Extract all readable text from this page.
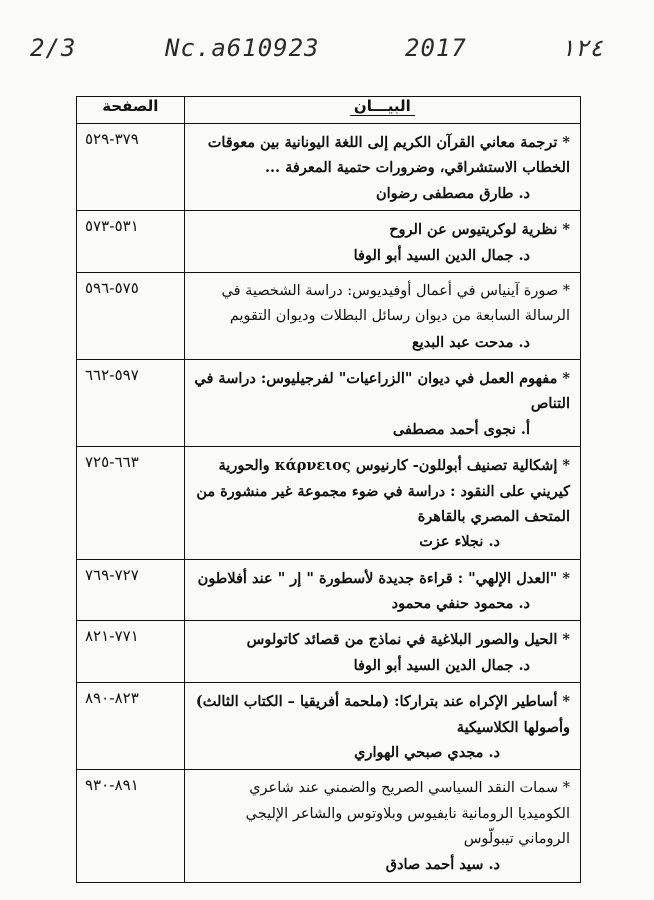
2/3	Nc.a610923	2017	١٢٤
البيـــان	الصفحة

* ترجمة معاني القرآن الكريم إلى اللغة اليونانية بين معوقات الخطاب الاستشراقي، وضرورات حتمية المعرفة ...
د. طارق مصطفى رضوان	٣٧٩-٥٢٩

* نظرية لوكريتيوس عن الروح
د. جمال الدين السيد أبو الوفا	٥٣١-٥٧٣

* صورة آينياس في أعمال أوفيديوس: دراسة الشخصية في الرسالة السابعة من ديوان رسائل البطلات وديوان التقويم
د. مدحت عبد البديع	٥٧٥-٥٩٦

* مفهوم العمل في ديوان "الزراعيات" لفرجيليوس: دراسة في التناص
أ. نجوى أحمد مصطفى	٥٩٧-٦٦٢

* إشكالية تصنيف أبوللون- كارنيوس κάρνειος والحورية كيريني على النقود : دراسة في ضوء مجموعة غير منشورة من المتحف المصري بالقاهرة
د. نجلاء عزت	٦٦٣-٧٢٥

* "العدل الإلهي" : قراءة جديدة لأسطورة " إر " عند أفلاطون
د. محمود حنفي محمود	٧٢٧-٧٦٩

* الحيل والصور البلاغية في نماذج من قصائد كاتولوس
د. جمال الدين السيد أبو الوفا	٧٧١-٨٢١

* أساطير الإكراه عند بتراركا: (ملحمة أفريقيا – الكتاب الثالث) وأصولها الكلاسيكية
د. مجدي صبحي الهواري	٨٢٣-٨٩٠

* سمات النقد السياسي الصريح والضمني عند شاعري الكوميديا الرومانية نايفيوس وبلاوتوس والشاعر الإليجي الروماني تيبولّوس
د. سيد أحمد صادق	٨٩١-٩٣٠
